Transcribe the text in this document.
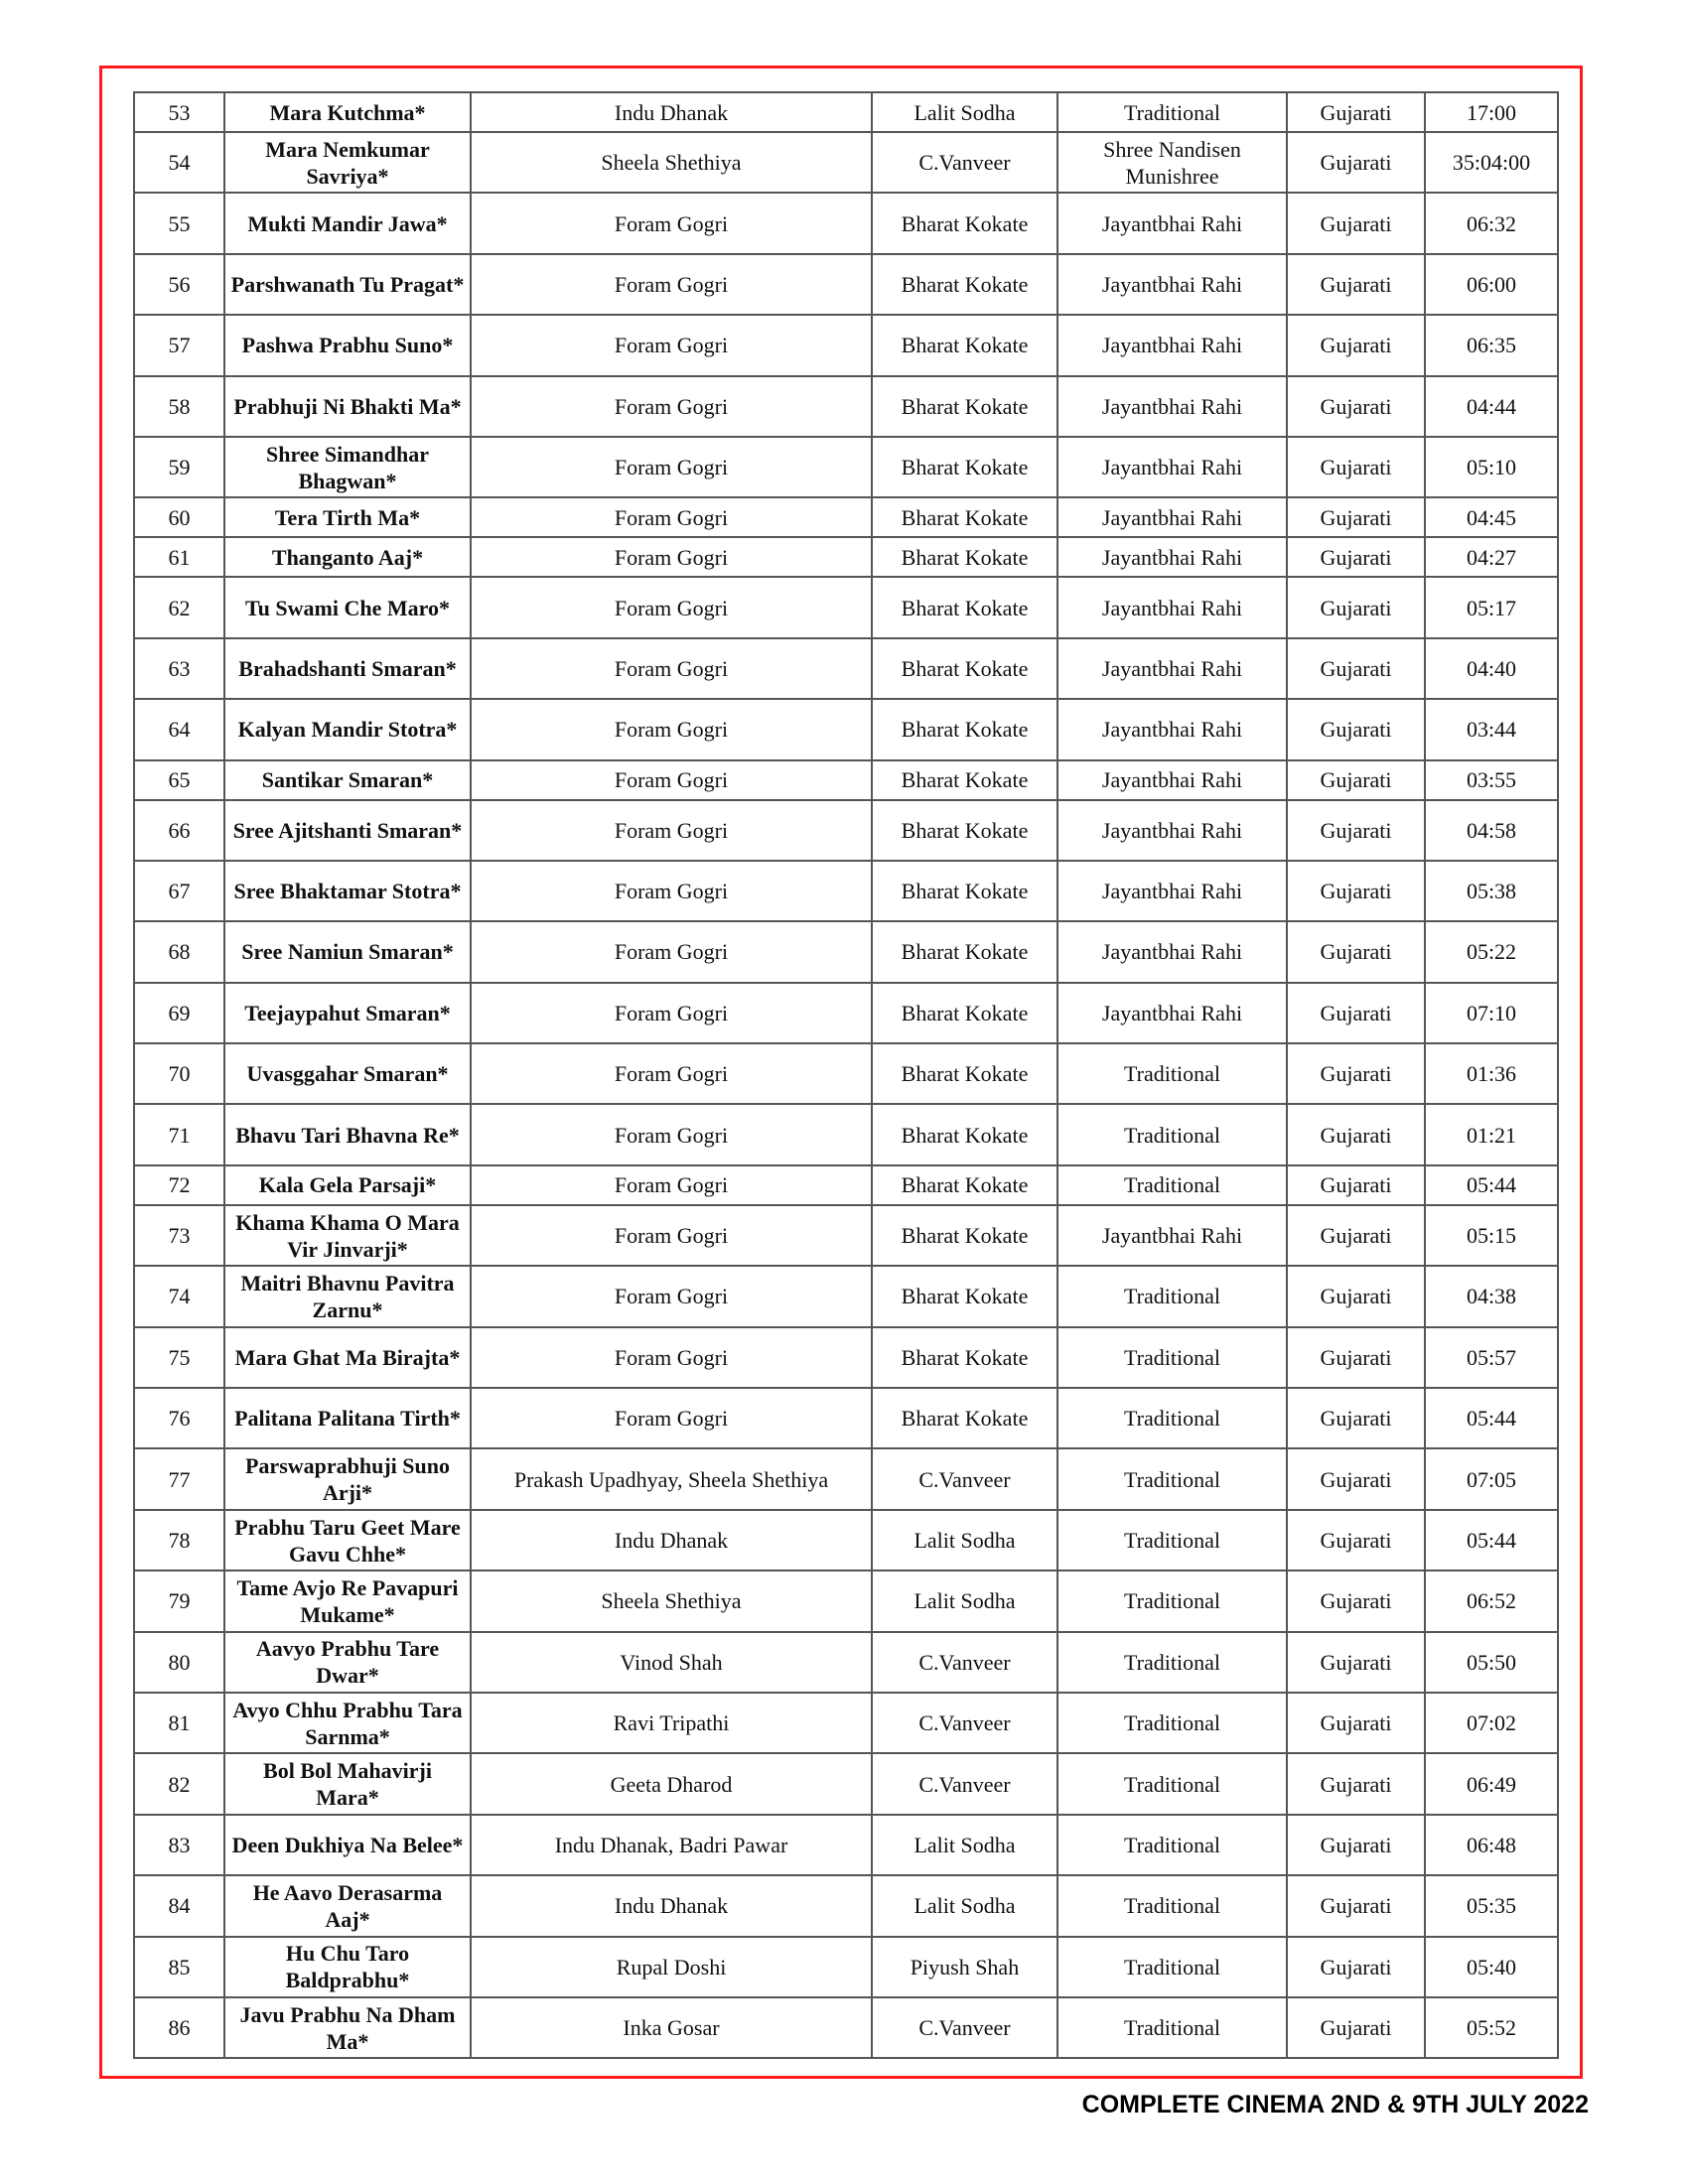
53	Mara Kutchma*	Indu Dhanak	Lalit Sodha	Traditional	Gujarati	17:00
54	Mara Nemkumar Savriya*	Sheela Shethiya	C.Vanveer	Shree Nandisen Munishree	Gujarati	35:04:00
55	Mukti Mandir Jawa*	Foram Gogri	Bharat Kokate	Jayantbhai Rahi	Gujarati	06:32
56	Parshwanath Tu Pragat*	Foram Gogri	Bharat Kokate	Jayantbhai Rahi	Gujarati	06:00
57	Pashwa Prabhu Suno*	Foram Gogri	Bharat Kokate	Jayantbhai Rahi	Gujarati	06:35
58	Prabhuji Ni Bhakti Ma*	Foram Gogri	Bharat Kokate	Jayantbhai Rahi	Gujarati	04:44
59	Shree Simandhar Bhagwan*	Foram Gogri	Bharat Kokate	Jayantbhai Rahi	Gujarati	05:10
60	Tera Tirth Ma*	Foram Gogri	Bharat Kokate	Jayantbhai Rahi	Gujarati	04:45
61	Thanganto Aaj*	Foram Gogri	Bharat Kokate	Jayantbhai Rahi	Gujarati	04:27
62	Tu Swami Che Maro*	Foram Gogri	Bharat Kokate	Jayantbhai Rahi	Gujarati	05:17
63	Brahadshanti Smaran*	Foram Gogri	Bharat Kokate	Jayantbhai Rahi	Gujarati	04:40
64	Kalyan Mandir Stotra*	Foram Gogri	Bharat Kokate	Jayantbhai Rahi	Gujarati	03:44
65	Santikar Smaran*	Foram Gogri	Bharat Kokate	Jayantbhai Rahi	Gujarati	03:55
66	Sree Ajitshanti Smaran*	Foram Gogri	Bharat Kokate	Jayantbhai Rahi	Gujarati	04:58
67	Sree Bhaktamar Stotra*	Foram Gogri	Bharat Kokate	Jayantbhai Rahi	Gujarati	05:38
68	Sree Namiun Smaran*	Foram Gogri	Bharat Kokate	Jayantbhai Rahi	Gujarati	05:22
69	Teejaypahut Smaran*	Foram Gogri	Bharat Kokate	Jayantbhai Rahi	Gujarati	07:10
70	Uvasggahar Smaran*	Foram Gogri	Bharat Kokate	Traditional	Gujarati	01:36
71	Bhavu Tari Bhavna Re*	Foram Gogri	Bharat Kokate	Traditional	Gujarati	01:21
72	Kala Gela Parsaji*	Foram Gogri	Bharat Kokate	Traditional	Gujarati	05:44
73	Khama Khama O Mara Vir Jinvarji*	Foram Gogri	Bharat Kokate	Jayantbhai Rahi	Gujarati	05:15
74	Maitri Bhavnu Pavitra Zarnu*	Foram Gogri	Bharat Kokate	Traditional	Gujarati	04:38
75	Mara Ghat Ma Birajta*	Foram Gogri	Bharat Kokate	Traditional	Gujarati	05:57
76	Palitana Palitana Tirth*	Foram Gogri	Bharat Kokate	Traditional	Gujarati	05:44
77	Parswaprabhuji Suno Arji*	Prakash Upadhyay, Sheela Shethiya	C.Vanveer	Traditional	Gujarati	07:05
78	Prabhu Taru Geet Mare Gavu Chhe*	Indu Dhanak	Lalit Sodha	Traditional	Gujarati	05:44
79	Tame Avjo Re Pavapuri Mukame*	Sheela Shethiya	Lalit Sodha	Traditional	Gujarati	06:52
80	Aavyo Prabhu Tare Dwar*	Vinod Shah	C.Vanveer	Traditional	Gujarati	05:50
81	Avyo Chhu Prabhu Tara Sarnma*	Ravi Tripathi	C.Vanveer	Traditional	Gujarati	07:02
82	Bol Bol Mahavirji Mara*	Geeta Dharod	C.Vanveer	Traditional	Gujarati	06:49
83	Deen Dukhiya Na Belee*	Indu Dhanak, Badri Pawar	Lalit Sodha	Traditional	Gujarati	06:48
84	He Aavo Derasarma Aaj*	Indu Dhanak	Lalit Sodha	Traditional	Gujarati	05:35
85	Hu Chu Taro Baldprabhu*	Rupal Doshi	Piyush Shah	Traditional	Gujarati	05:40
86	Javu Prabhu Na Dham Ma*	Inka Gosar	C.Vanveer	Traditional	Gujarati	05:52
COMPLETE CINEMA 2ND & 9TH JULY 2022
